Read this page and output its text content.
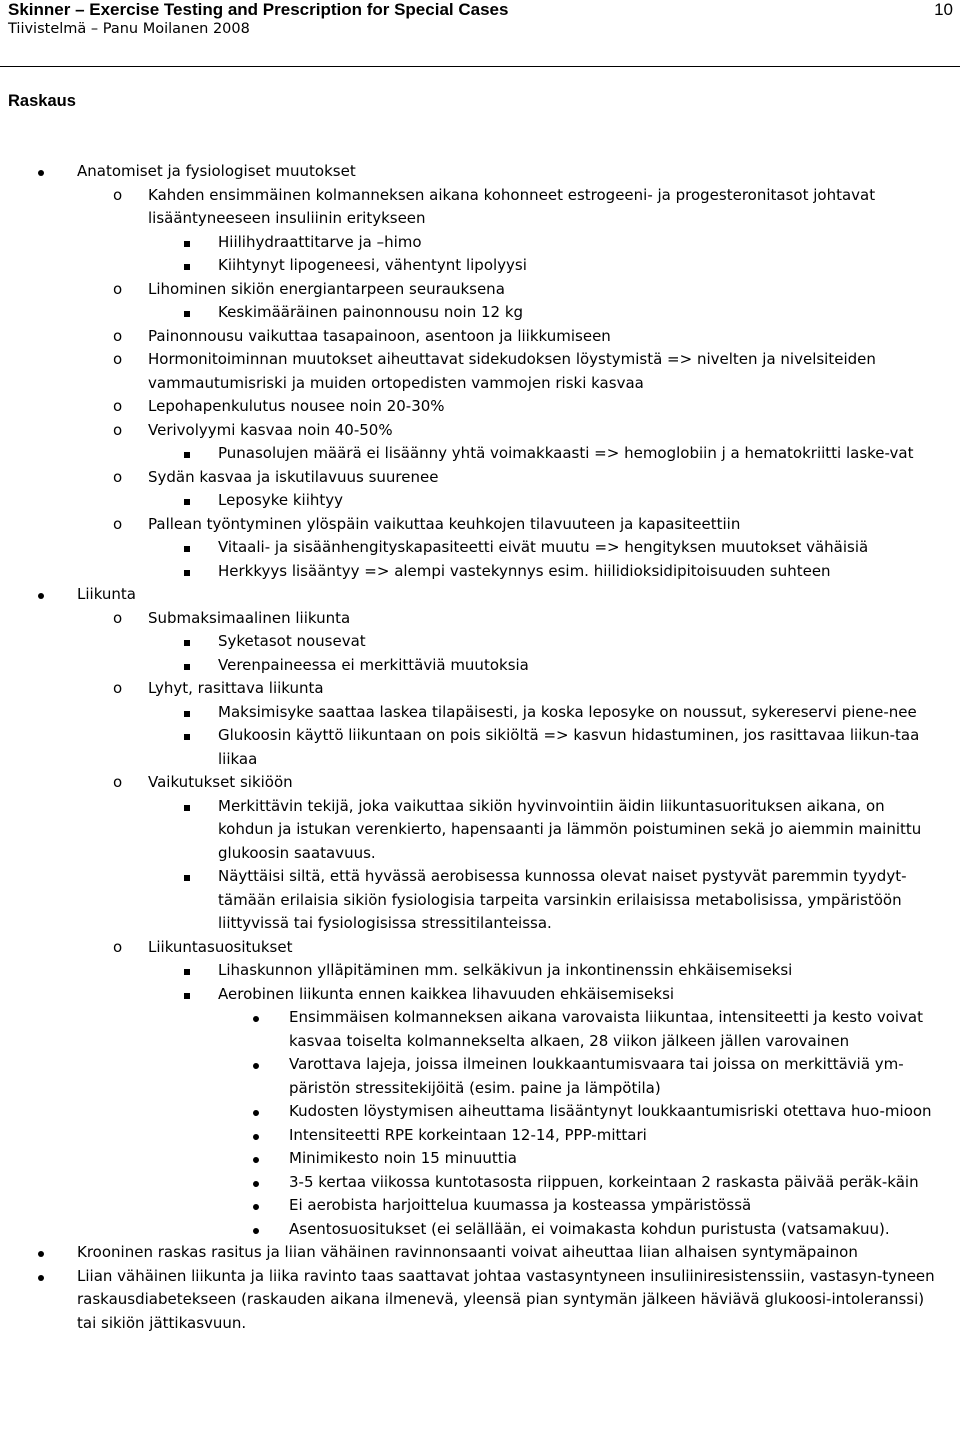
Skinner – Exercise Testing and Prescription for Special Cases
Tiivistelmä – Panu Moilanen 2008
10
Raskaus
Anatomiset ja fysiologiset muutokset
o Kahden ensimmäinen kolmanneksen aikana kohonneet estrogeeni- ja progesteronitasot johtavat lisääntyneeseen insuliinin eritykseen
Hiilihydraattitarve ja –himo
Kiihtynyt lipogeneesi, vähentynt lipolyysi
o Lihominen sikiön energiantarpeen seurauksena
Keskimääräinen painonnousu noin 12 kg
o Painonnousu vaikuttaa tasapainoon, asentoon ja liikkumiseen
o Hormonitoiminnan muutokset aiheuttavat sidekudoksen löystymistä => nivelten ja nivelsiteiden vammautumisriski ja muiden ortopedisten vammojen riski kasvaa
o Lepohapenkulutus nousee noin 20-30%
o Verivolyymi kasvaa noin 40-50%
Punasolujen määrä ei lisäänny yhtä voimakkaasti => hemoglobiin j a hematokriitti laske-vat
o Sydän kasvaa ja iskutilavuus suurenee
Leposyke kiihtyy
o Pallean työntyminen ylöspäin vaikuttaa keuhkojen tilavuuteen ja kapasiteettiin
Vitaali- ja sisäänhengityskapasiteetti eivät muutu => hengityksen muutokset vähäisiä
Herkkyys lisääntyy => alempi vastekynnys esim. hiilidioksidipitoisuuden suhteen
Liikunta
o Submaksimaalinen liikunta
Syketasot nousevat
Verenpaineessa ei merkittäviä muutoksia
o Lyhyt, rasittava liikunta
Maksimisyke saattaa laskea tilapäisesti, ja koska leposyke on noussut, sykereservi piene-nee
Glukoosin käyttö liikuntaan on pois sikiöltä => kasvun hidastuminen, jos rasittavaa liikun-taa liikaa
o Vaikutukset sikiöön
Merkittävin tekijä, joka vaikuttaa sikiön hyvinvointiin äidin liikuntasuorituksen aikana, on kohdun ja istukan verenkierto, hapensaanti ja lämmön poistuminen sekä jo aiemmin mainittu glukoosin saatavuus.
Näyttäisi siltä, että hyvässä aerobisessa kunnossa olevat naiset pystyvät paremmin tyydyt-tämään erilaisia sikiön fysiologisia tarpeita varsinkin erilaisissa metabolisissa, ympäristöön liittyvissä tai fysiologisissa stressitilanteissa.
o Liikuntasuositukset
Lihaskunnon ylläpitäminen mm. selkäkivun ja inkontinenssin ehkäisemiseksi
Aerobinen liikunta ennen kaikkea lihavuuden ehkäisemiseksi
Ensimmäisen kolmanneksen aikana varovaista liikuntaa, intensiteetti ja kesto voivat kasvaa toiselta kolmannekselta alkaen, 28 viikon jälkeen jällen varovainen
Varottava lajeja, joissa ilmeinen loukkaantumisvaara tai joissa on merkittäviä ym-päristön stressitekijöitä (esim. paine ja lämpötila)
Kudosten löystymisen aiheuttama lisääntynyt loukkaantumisriski otettava huo-mioon
Intensiteetti RPE korkeintaan 12-14, PPP-mittari
Minimikesto noin 15 minuuttia
3-5 kertaa viikossa kuntotasosta riippuen, korkeintaan 2 raskasta päivää peräk-käin
Ei aerobista harjoittelua kuumassa ja kosteassa ympäristössä
Asentosuositukset (ei selällään, ei voimakasta kohdun puristusta (vatsamakuu).
Krooninen raskas rasitus ja liian vähäinen ravinnonsaanti voivat aiheuttaa liian alhaisen syntymäpainon
Liian vähäinen liikunta ja liika ravinto taas saattavat johtaa vastasyntyneen insuliiniresistenssiin, vastasyn-tyneen raskausdiabetekseen (raskauden aikana ilmenevä, yleensä pian syntymän jälkeen häviävä glukoosi-intoleranssi) tai sikiön jättikasvuun.
